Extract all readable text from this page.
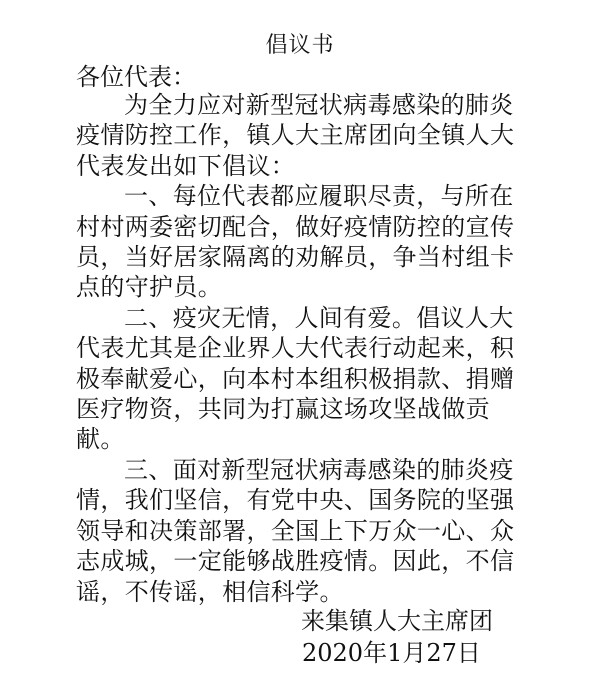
倡议书
各位代表：

为全力应对新型冠状病毒感染的肺炎疫情防控工作，镇人大主席团向全镇人大代表发出如下倡议：

一、每位代表都应履职尽责，与所在村村两委密切配合，做好疫情防控的宣传员，当好居家隔离的劝解员，争当村组卡点的守护员。

二、疫灾无情，人间有爱。倡议人大代表尤其是企业界人大代表行动起来，积极奉献爱心，向本村本组积极捐款、捐赠医疗物资，共同为打赢这场攻坚战做贡献。

三、面对新型冠状病毒感染的肺炎疫情，我们坚信，有党中央、国务院的坚强领导和决策部署，全国上下万众一心、众志成城，一定能够战胜疫情。因此，不信谣，不传谣，相信科学。

来集镇人大主席团
2020年1月27日
